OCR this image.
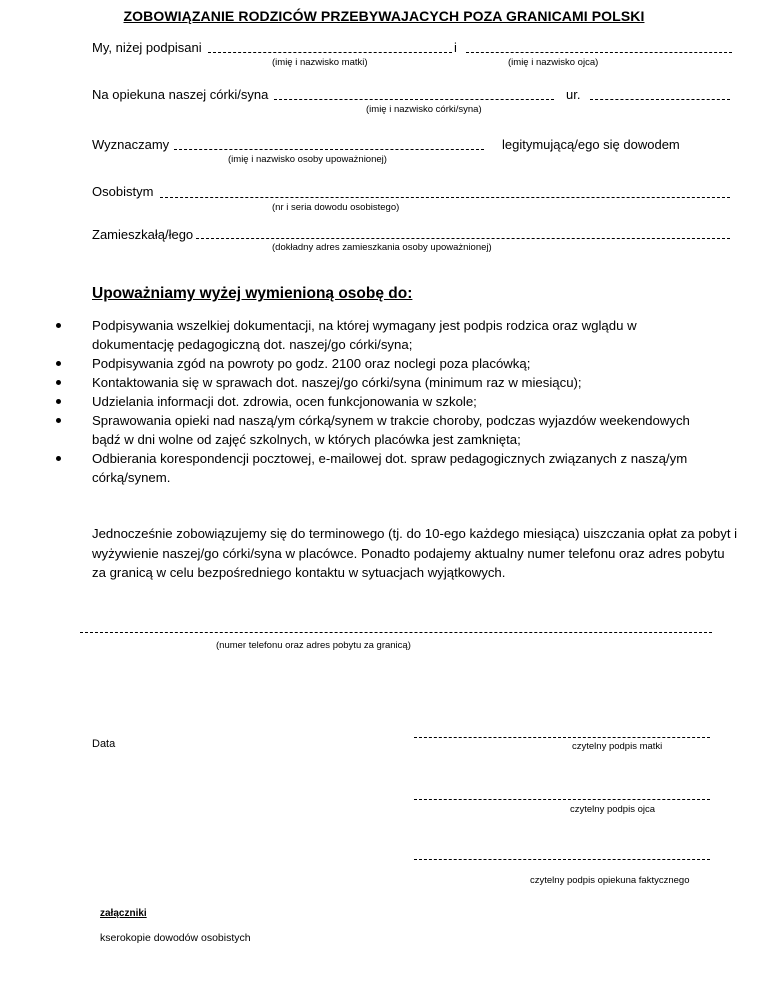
ZOBOWIĄZANIE RODZICÓW PRZEBYWAJACYCH POZA GRANICAMI POLSKI
My, niżej podpisani	i
(imię i nazwisko matki)	(imię i nazwisko ojca)
Na opiekuna naszej córki/syna	ur.
(imię i nazwisko córki/syna)
Wyznaczamy	legitymującą/ego się dowodem
(imię i nazwisko osoby upoważnionej)
Osobistym
(nr i seria dowodu osobistego)
Zamieszkałą/łego
(dokładny adres zamieszkania osoby upoważnionej)
Upoważniamy wyżej wymienioną osobę do:
Podpisywania wszelkiej dokumentacji, na której wymagany jest podpis rodzica oraz wglądu w dokumentację pedagogiczną dot. naszej/go córki/syna;
Podpisywania zgód na powroty po godz. 2100 oraz noclegi poza placówką;
Kontaktowania się w sprawach dot. naszej/go córki/syna (minimum raz w miesiącu);
Udzielania informacji dot. zdrowia, ocen funkcjonowania w szkole;
Sprawowania opieki nad naszą/ym córką/synem w trakcie choroby, podczas wyjazdów weekendowych bądź w dni wolne od zajęć szkolnych, w których placówka jest zamknięta;
Odbierania korespondencji pocztowej, e-mailowej dot. spraw pedagogicznych związanych z naszą/ym córką/synem.
Jednocześnie zobowiązujemy się do terminowego (tj. do 10-ego każdego miesiąca) uiszczania opłat za pobyt i wyżywienie naszej/go córki/syna w placówce. Ponadto podajemy aktualny numer telefonu oraz adres pobytu za granicą w celu bezpośredniego kontaktu w sytuacjach wyjątkowych.
(numer telefonu oraz adres pobytu za granicą)
Data	czytelny podpis matki
czytelny podpis ojca
czytelny podpis opiekuna faktycznego
załączniki
kserokopie dowodów osobistych
